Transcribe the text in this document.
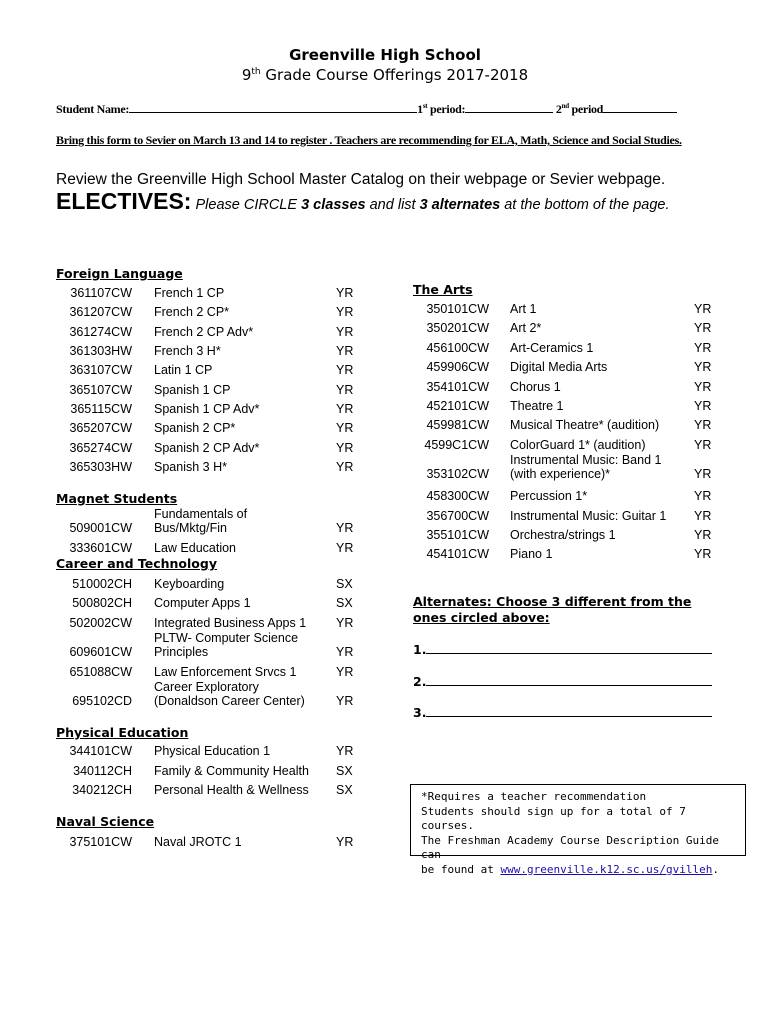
Greenville High School
9th Grade Course Offerings 2017-2018
Student Name:	1st period:	2nd period
Bring this form to Sevier on March 13 and 14 to register . Teachers are recommending for ELA, Math, Science and Social Studies.
Review the Greenville High School Master Catalog on their webpage or Sevier webpage.
ELECTIVES: Please CIRCLE 3 classes and list 3 alternates at the bottom of the page.
Foreign Language
361107CW French 1 CP	YR
361207CW French 2 CP*	YR
361274CW French 2 CP Adv*	YR
361303HW French 3 H*	YR
363107CW Latin 1 CP	YR
365107CW Spanish 1 CP	YR
365115CW Spanish 1 CP Adv*	YR
365207CW Spanish 2 CP*	YR
365274CW Spanish 2 CP Adv*	YR
365303HW Spanish 3 H*	YR
Magnet Students
509001CW
Fundamentals of
Bus/Mktg/Fin	YR
333601CW Law Education	YR
Career and Technology
510002CH Keyboarding	SX
500802CH Computer Apps 1	SX
502002CW Integrated Business Apps 1 YR
609601CW
PLTW- Computer Science
Principles	YR
651088CW Law Enforcement Srvcs 1	YR
695102CD
Career Exploratory
(Donaldson Career Center) YR
Physical Education
344101CW Physical Education 1	YR
340112CH Family & Community Health SX
340212CH Personal Health & Wellness SX
Naval Science
375101CW Naval JROTC 1	YR
The Arts
350101CW Art 1	YR
350201CW Art 2*	YR
456100CW Art-Ceramics 1	YR
459906CW Digital Media Arts	YR
354101CW Chorus 1	YR
452101CW Theatre 1	YR
459981CW Musical Theatre* (audition)	YR
4599C1CW ColorGuard 1* (audition)	YR
353102CW
Instrumental Music: Band 1
(with experience)*	YR
458300CW Percussion 1*	YR
356700CW Instrumental Music: Guitar 1 YR
355101CW Orchestra/strings 1	YR
454101CW Piano 1	YR
Alternates: Choose 3 different from the
ones circled above:
1.
2.
3.
*Requires a teacher recommendation
Students should sign up for a total of 7 courses.
The Freshman Academy Course Description Guide can
be found at www.greenville.k12.sc.us/gvilleh.
